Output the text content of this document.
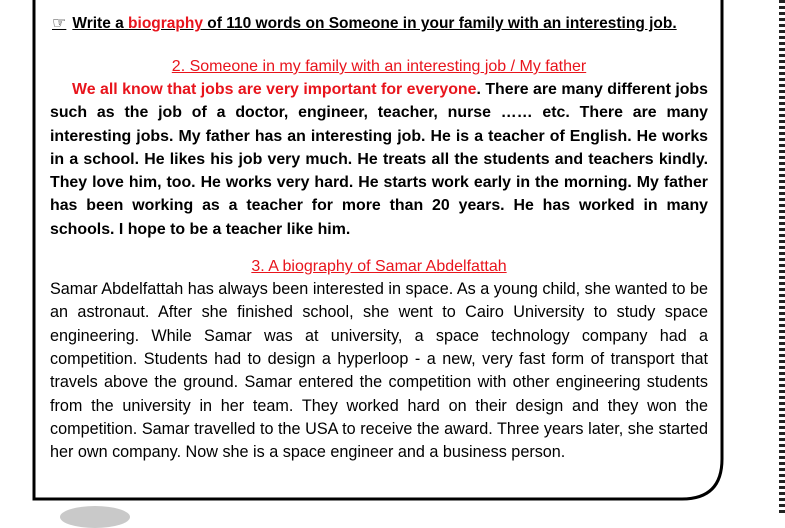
☞ Write a biography of 110 words on Someone in your family with an interesting job.
2. Someone in my family with an interesting job / My father

We all know that jobs are very important for everyone. There are many different jobs such as the job of a doctor, engineer, teacher, nurse …… etc. There are many interesting jobs. My father has an interesting job. He is a teacher of English. He works in a school. He likes his job very much. He treats all the students and teachers kindly. They love him, too. He works very hard. He starts work early in the morning. My father has been working as a teacher for more than 20 years. He has worked in many schools. I hope to be a teacher like him.

3. A biography of Samar Abdelfattah

Samar Abdelfattah has always been interested in space. As a young child, she wanted to be an astronaut. After she finished school, she went to Cairo University to study space engineering. While Samar was at university, a space technology company had a competition. Students had to design a hyperloop - a new, very fast form of transport that travels above the ground. Samar entered the competition with other engineering students from the university in her team. They worked hard on their design and they won the competition. Samar travelled to the USA to receive the award. Three years later, she started her own company. Now she is a space engineer and a business person.
